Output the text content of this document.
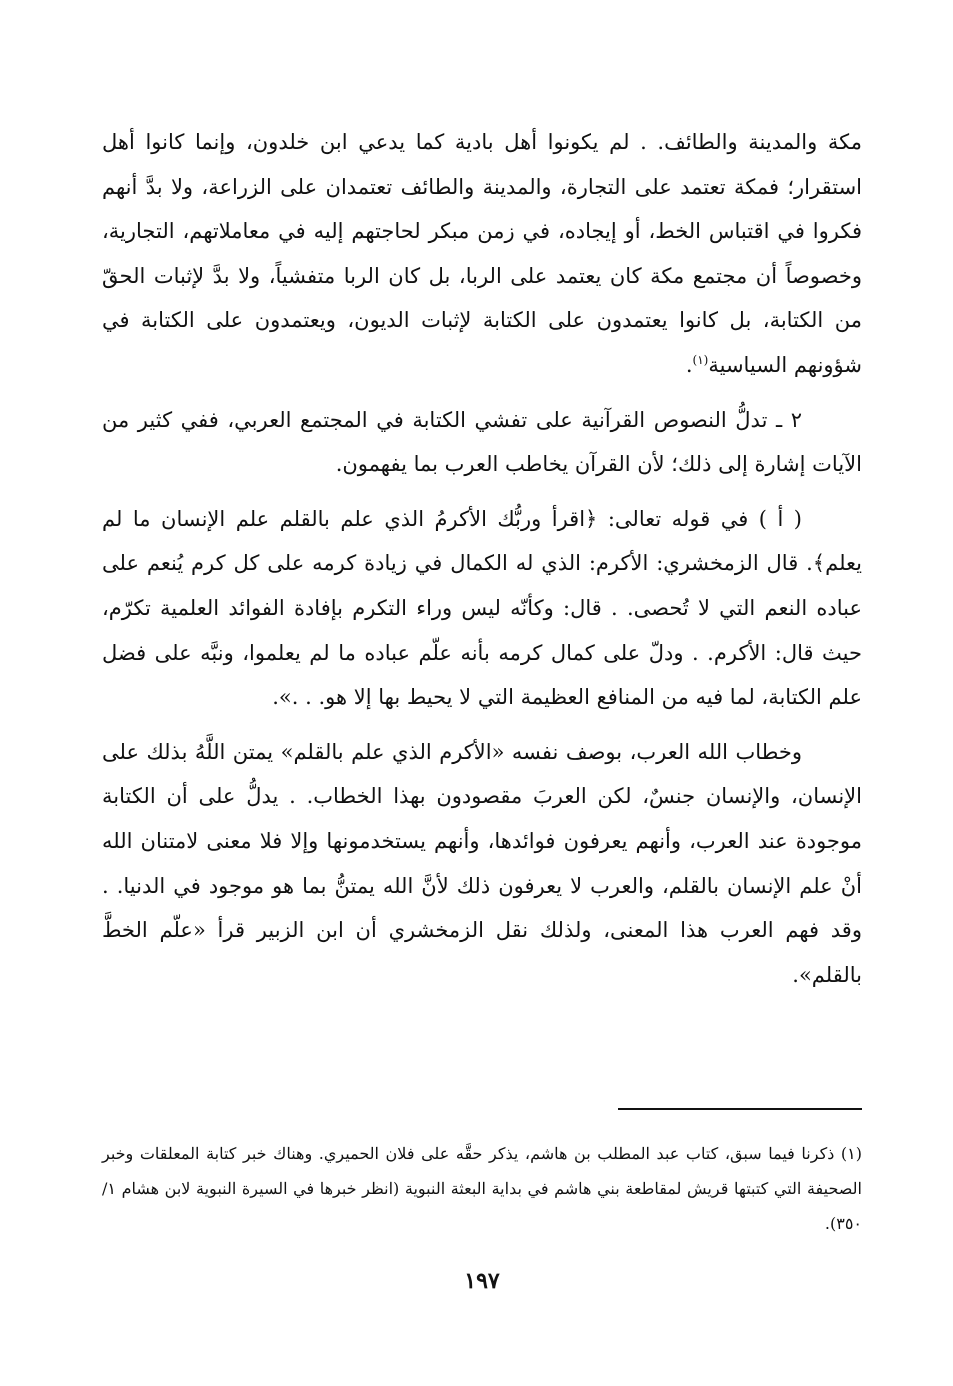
مكة والمدينة والطائف. . لم يكونوا أهل بادية كما يدعي ابن خلدون، وإنما كانوا أهل استقرار؛ فمكة تعتمد على التجارة، والمدينة والطائف تعتمدان على الزراعة، ولا بدَّ أنهم فكروا في اقتباس الخط، أو إيجاده، في زمن مبكر لحاجتهم إليه في معاملاتهم، التجارية، وخصوصاً أن مجتمع مكة كان يعتمد على الربا، بل كان الربا متفشياً، ولا بدَّ لإثبات الحقّ من الكتابة، بل كانوا يعتمدون على الكتابة لإثبات الديون، ويعتمدون على الكتابة في شؤونهم السياسية$^{(١)}$.

٢ ـ تدلُّ النصوص القرآنية على تفشي الكتابة في المجتمع العربي، ففي كثير من الآيات إشارة إلى ذلك؛ لأن القرآن يخاطب العرب بما يفهمون.

( أ ) في قوله تعالى: ﴿اقرأ وربُّك الأكرمُ الذي علم بالقلم علم الإنسان ما لم يعلم﴾. قال الزمخشري: الأكرم: الذي له الكمال في زيادة كرمه على كل كرم يُنعم على عباده النعم التي لا تُحصى. . قال: وكأنّه ليس وراء التكرم بإفادة الفوائد العلمية تكرّم، حيث قال: الأكرم. . ودلّ على كمال كرمه بأنه علّم عباده ما لم يعلموا، ونبَّه على فضل علم الكتابة، لما فيه من المنافع العظيمة التي لا يحيط بها إلا هو. . .».

وخطاب الله العرب، بوصف نفسه «الأكرم الذي علم بالقلم» يمتن اللَّهُ بذلك على الإنسان، والإنسان جنسٌ، لكن العربَ مقصودون بهذا الخطاب. . يدلُّ على أن الكتابة موجودة عند العرب، وأنهم يعرفون فوائدها، وأنهم يستخدمونها وإلا فلا معنى لامتنان الله أنْ علم الإنسان بالقلم، والعرب لا يعرفون ذلك لأنَّ الله يمتنُّ بما هو موجود في الدنيا. . وقد فهم العرب هذا المعنى، ولذلك نقل الزمخشري أن ابن الزبير قرأ «علّم الخطَّ بالقلم».

(١) ذكرنا فيما سبق، كتاب عبد المطلب بن هاشم، يذكر حقَّه على فلان الحميري. وهناك خبر كتابة المعلقات وخبر الصحيفة التي كتبتها قريش لمقاطعة بني هاشم في بداية البعثة النبوية (انظر خبرها في السيرة النبوية لابن هشام ١/ ٣٥٠).

١٩٧
